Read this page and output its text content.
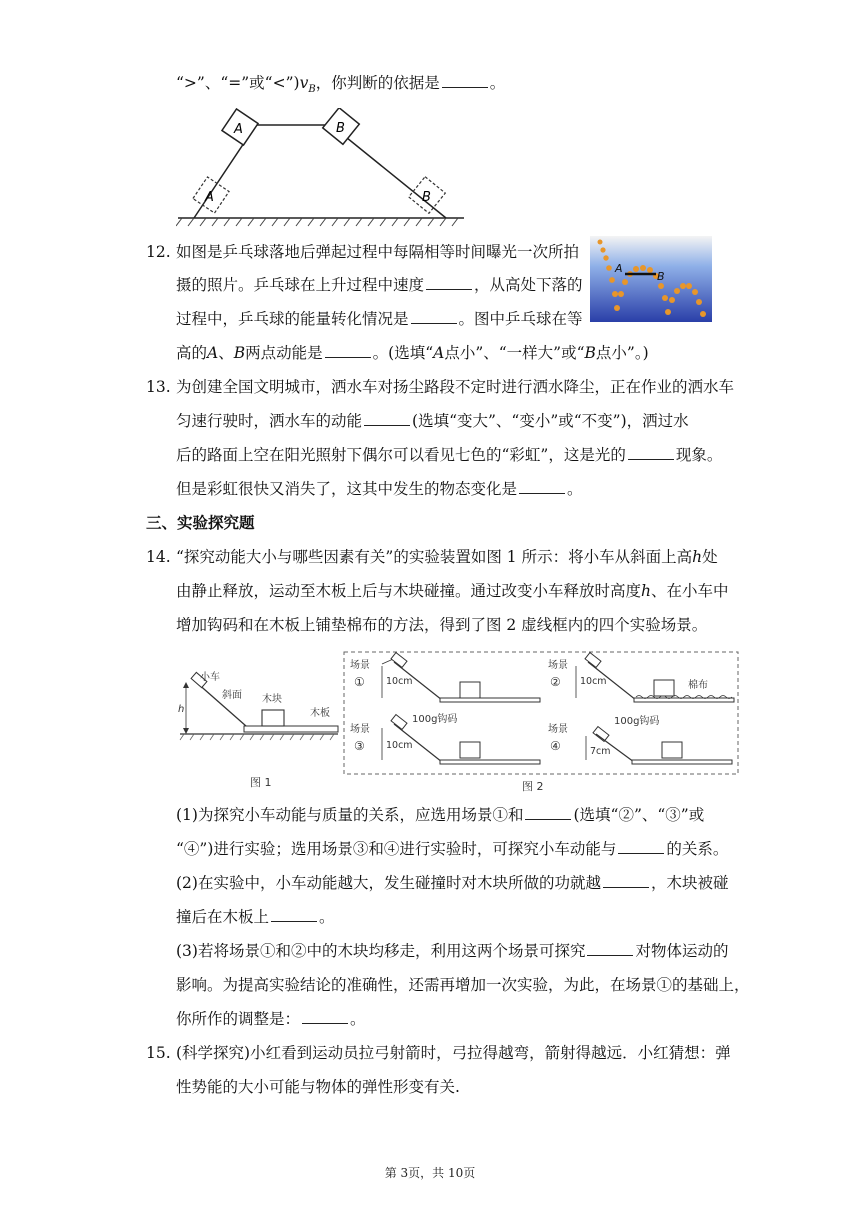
“>”、“=”或“$<”)v_B$，你判断的依据是	。
A	B
A	B
12. 如图是乒乓球落地后弹起过程中每隔相等时间曝光一次所拍
摄的照片。乒乓球在上升过程中速度	，从高处下落的
过程中，乒乓球的能量转化情况是	。图中乒乓球在等
高的A、B两点动能是	。(选填“A点小”、“一样大”或“B点小”。)
A
B
13. 为创建全国文明城市，洒水车对扬尘路段不定时进行洒水降尘，正在作业的洒水车
匀速行驶时，洒水车的动能	(选填“变大”、“变小”或“不变”)，洒过水
后的路面上空在阳光照射下偶尔可以看见七色的“彩虹”，这是光的	现象。
但是彩虹很快又消失了，这其中发生的物态变化是	。
三、实验探究题
14. “探究动能大小与哪些因素有关”的实验装置如图 1 所示：将小车从斜面上高h处
由静止释放，运动至木板上后与木块碰撞。通过改变小车释放时高度h、在小车中
增加钩码和在木板上铺垫棉布的方法，得到了图 2 虚线框内的四个实验场景。
小车
斜面 木块
木板
h
图 1
场景
① 10cm
场景
② 10cm	棉布
场景
③ 10cm
100g钩码
场景
④	7cm
100g钩码
图 2
(1)为探究小车动能与质量的关系，应选用场景①和	(选填“②”、“③”或
“④”)进行实验；选用场景③和④进行实验时，可探究小车动能与	的关系。
(2)在实验中，小车动能越大，发生碰撞时对木块所做的功就越	，木块被碰
撞后在木板上	。
(3)若将场景①和②中的木块均移走，利用这两个场景可探究	对物体运动的
影响。为提高实验结论的准确性，还需再增加一次实验，为此，在场景①的基础上，
你所作的调整是：	。
15. (科学探究)小红看到运动员拉弓射箭时，弓拉得越弯，箭射得越远．小红猜想：弹
性势能的大小可能与物体的弹性形变有关.
第 3页，共 10页
